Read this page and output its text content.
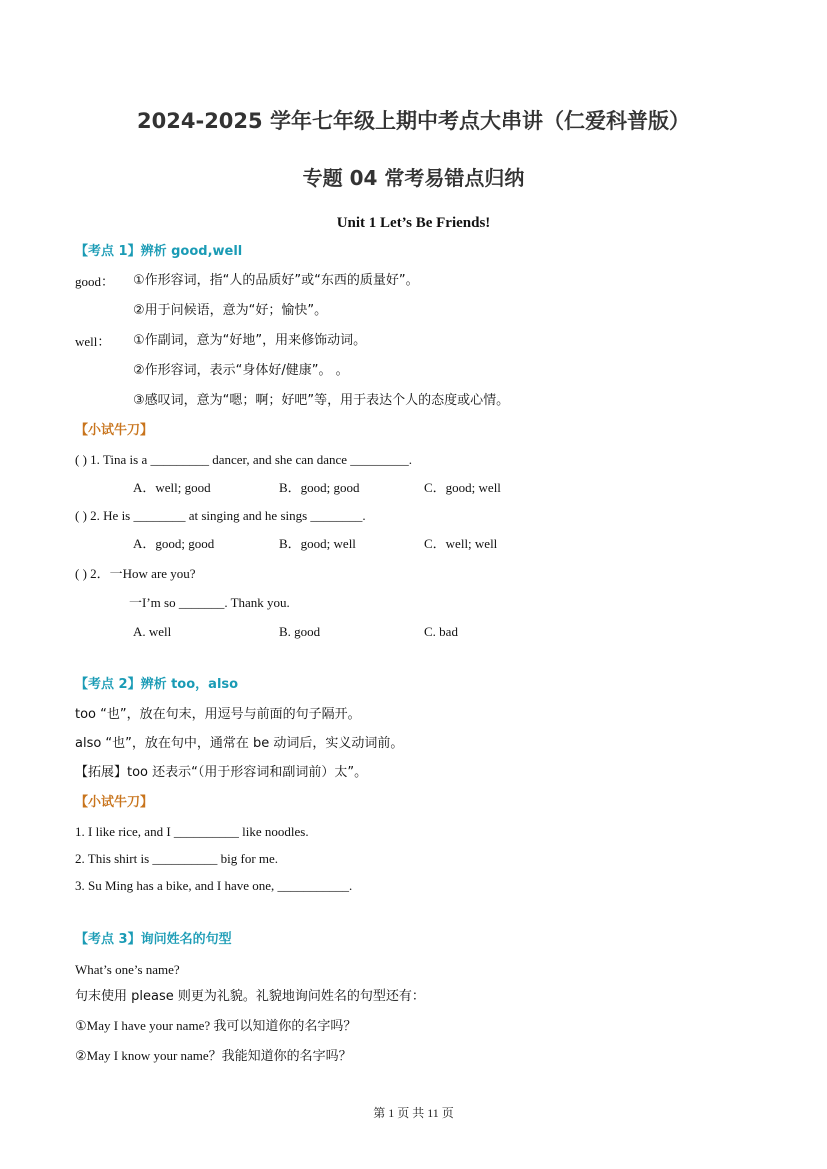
2024-2025 学年七年级上期中考点大串讲（仁爱科普版）
专题 04 常考易错点归纳
Unit 1 Let’s Be Friends!
【考点 1】辨析 good,well
good： ①作形容词，指“人的品质好”或“东西的质量好”。
②用于问候语，意为“好；愉快”。
well： ①作副词，意为“好地”，用来修饰动词。
②作形容词，表示“身体好/健康”。 。
③感叹词，意为“嗯；啊；好吧”等，用于表达个人的态度或心情。
【小试牛刀】
( ) 1. Tina is a _________ dancer, and she can dance _________.
A．well; good	B．good; good	C．good; well
( ) 2. He is ________ at singing and he sings ________.
A．good; good	B．good; well	C．well; well
( ) 2．一How are you?
一I’m so _______. Thank you.
A. well	B. good	C. bad
【考点 2】辨析 too，also
too “也”，放在句末，用逗号与前面的句子隔开。
also “也”，放在句中，通常在 be 动词后，实义动词前。
【拓展】too 还表示“（用于形容词和副词前）太”。
【小试牛刀】
1. I like rice, and I __________ like noodles.
2. This shirt is __________ big for me.
3. Su Ming has a bike, and I have one, ___________.
【考点 3】询问姓名的句型
What’s one’s name?
句末使用 please 则更为礼貌。礼貌地询问姓名的句型还有：
①May I have your name? 我可以知道你的名字吗？
②May I know your name？我能知道你的名字吗？
第 1 页 共 11 页
